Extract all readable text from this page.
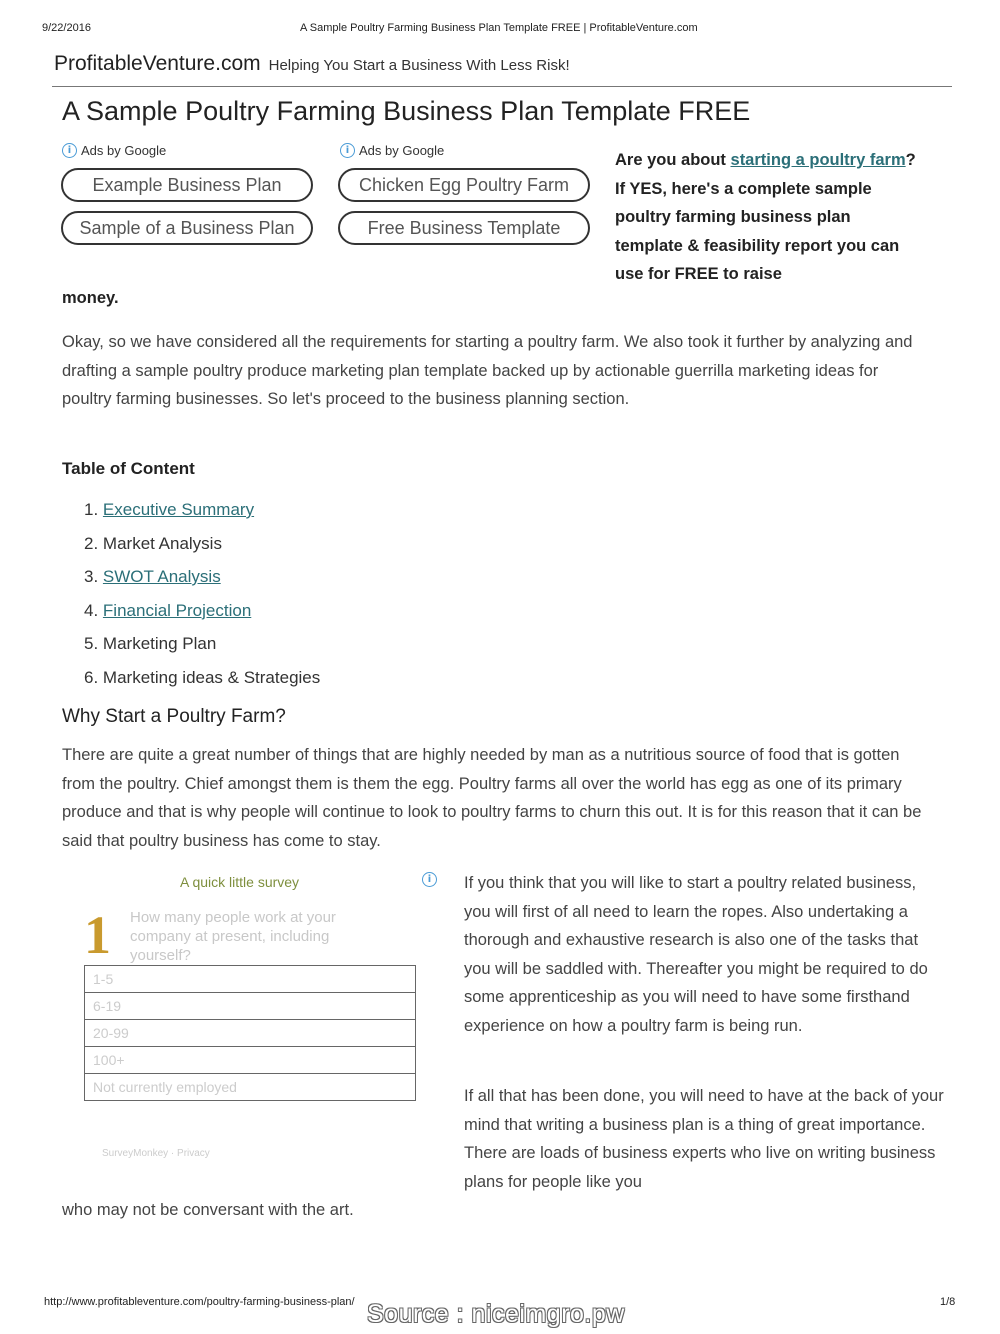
9/22/2016	A Sample Poultry Farming Business Plan Template FREE | ProfitableVenture.com
ProfitableVenture.com Helping You Start a Business With Less Risk!
A Sample Poultry Farming Business Plan Template FREE
i Ads by Google
Example Business Plan
Sample of a Business Plan
i Ads by Google
Chicken Egg Poultry Farm
Free Business Template
Are you about starting a poultry farm? If YES, here's a complete sample poultry farming business plan template & feasibility report you can use for FREE to raise
money.
Okay, so we have considered all the requirements for starting a poultry farm. We also took it further by analyzing and drafting a sample poultry produce marketing plan template backed up by actionable guerrilla marketing ideas for poultry farming businesses. So let's proceed to the business planning section.
Table of Content
1. Executive Summary
2. Market Analysis
3. SWOT Analysis
4. Financial Projection
5. Marketing Plan
6. Marketing ideas & Strategies
Why Start a Poultry Farm?
There are quite a great number of things that are highly needed by man as a nutritious source of food that is gotten from the poultry. Chief amongst them is them the egg. Poultry farms all over the world has egg as one of its primary produce and that is why people will continue to look to poultry farms to churn this out. It is for this reason that it can be said that poultry business has come to stay.
A quick little survey	i
1 How many people work at your company at present, including yourself?
1-5
6-19
20-99
100+
Not currently employed
SurveyMonkey · Privacy
If you think that you will like to start a poultry related business, you will first of all need to learn the ropes. Also undertaking a thorough and exhaustive research is also one of the tasks that you will be saddled with. Thereafter you might be required to do some apprenticeship as you will need to have some firsthand experience on how a poultry farm is being run.
If all that has been done, you will need to have at the back of your mind that writing a business plan is a thing of great importance. There are loads of business experts who live on writing business plans for people like you
who may not be conversant with the art.
http://www.profitableventure.com/poultry-farming-business-plan/	1/8
Source : niceimgro.pw
